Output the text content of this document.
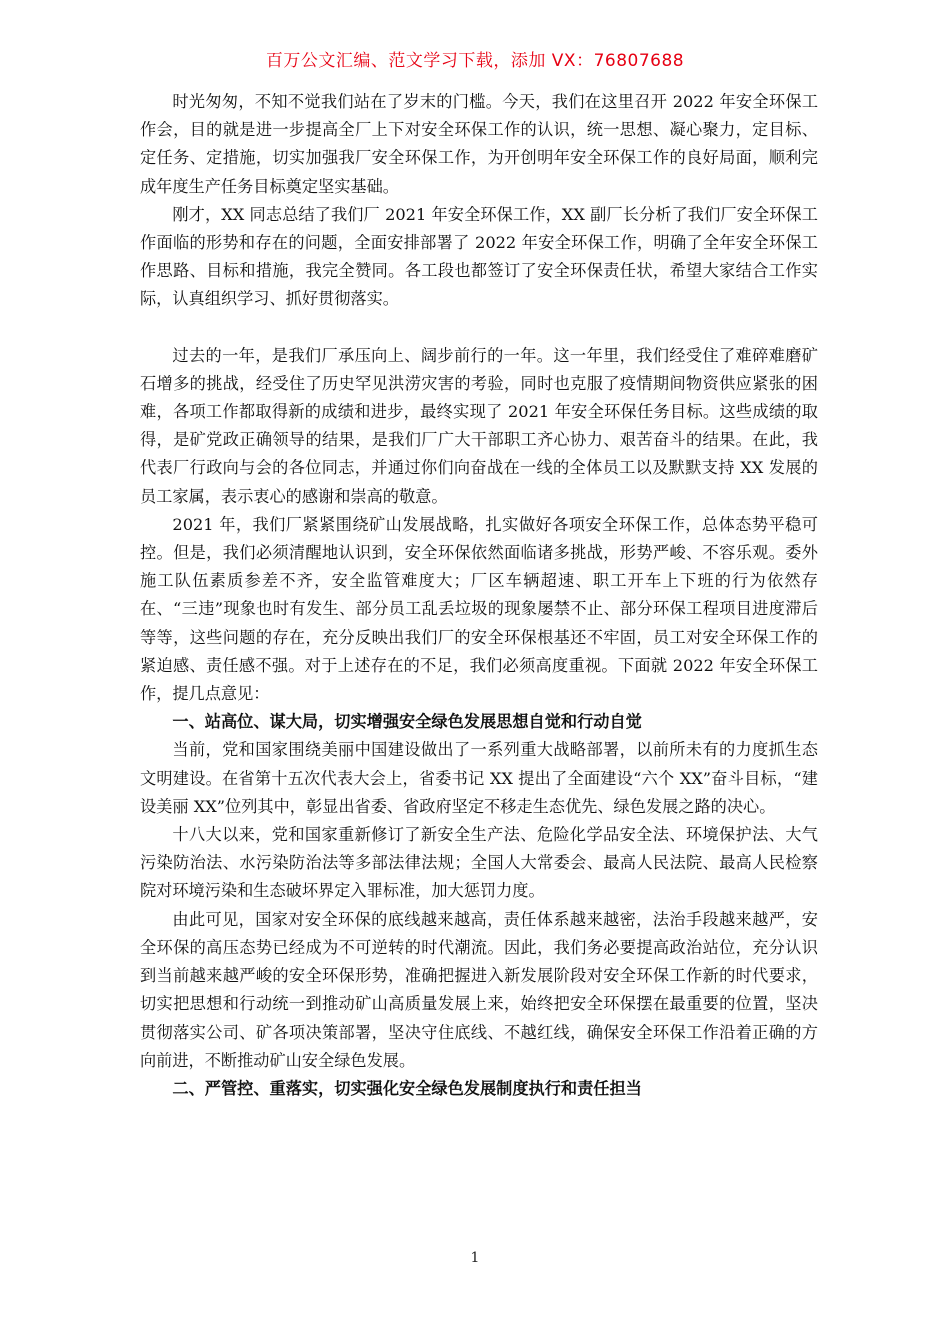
百万公文汇编、范文学习下载，添加 VX：76807688

时光匆匆，不知不觉我们站在了岁末的门槛。今天，我们在这里召开 2022 年安全环保工作会，目的就是进一步提高全厂上下对安全环保工作的认识，统一思想、凝心聚力，定目标、定任务、定措施，切实加强我厂安全环保工作，为开创明年安全环保工作的良好局面，顺利完成年度生产任务目标奠定坚实基础。

刚才，XX 同志总结了我们厂 2021 年安全环保工作，XX 副厂长分析了我们厂安全环保工作面临的形势和存在的问题，全面安排部署了 2022 年安全环保工作，明确了全年安全环保工作思路、目标和措施，我完全赞同。各工段也都签订了安全环保责任状，希望大家结合工作实际，认真组织学习、抓好贯彻落实。

过去的一年，是我们厂承压向上、阔步前行的一年。这一年里，我们经受住了难碎难磨矿石增多的挑战，经受住了历史罕见洪涝灾害的考验，同时也克服了疫情期间物资供应紧张的困难，各项工作都取得新的成绩和进步，最终实现了 2021 年安全环保任务目标。这些成绩的取得，是矿党政正确领导的结果，是我们厂广大干部职工齐心协力、艰苦奋斗的结果。在此，我代表厂行政向与会的各位同志，并通过你们向奋战在一线的全体员工以及默默支持 XX 发展的员工家属，表示衷心的感谢和崇高的敬意。

2021 年，我们厂紧紧围绕矿山发展战略，扎实做好各项安全环保工作，总体态势平稳可控。但是，我们必须清醒地认识到，安全环保依然面临诸多挑战，形势严峻、不容乐观。委外施工队伍素质参差不齐，安全监管难度大；厂区车辆超速、职工开车上下班的行为依然存在、“三违”现象也时有发生、部分员工乱丢垃圾的现象屡禁不止、部分环保工程项目进度滞后等等，这些问题的存在，充分反映出我们厂的安全环保根基还不牢固，员工对安全环保工作的紧迫感、责任感不强。对于上述存在的不足，我们必须高度重视。下面就 2022 年安全环保工作，提几点意见：

一、站高位、谋大局，切实增强安全绿色发展思想自觉和行动自觉

当前，党和国家围绕美丽中国建设做出了一系列重大战略部署，以前所未有的力度抓生态文明建设。在省第十五次代表大会上，省委书记 XX 提出了全面建设“六个 XX”奋斗目标，“建设美丽 XX”位列其中，彰显出省委、省政府坚定不移走生态优先、绿色发展之路的决心。

十八大以来，党和国家重新修订了新安全生产法、危险化学品安全法、环境保护法、大气污染防治法、水污染防治法等多部法律法规；全国人大常委会、最高人民法院、最高人民检察院对环境污染和生态破坏界定入罪标准，加大惩罚力度。

由此可见，国家对安全环保的底线越来越高，责任体系越来越密，法治手段越来越严，安全环保的高压态势已经成为不可逆转的时代潮流。因此，我们务必要提高政治站位，充分认识到当前越来越严峻的安全环保形势，准确把握进入新发展阶段对安全环保工作新的时代要求，切实把思想和行动统一到推动矿山高质量发展上来，始终把安全环保摆在最重要的位置，坚决贯彻落实公司、矿各项决策部署，坚决守住底线、不越红线，确保安全环保工作沿着正确的方向前进，不断推动矿山安全绿色发展。

二、严管控、重落实，切实强化安全绿色发展制度执行和责任担当

1
